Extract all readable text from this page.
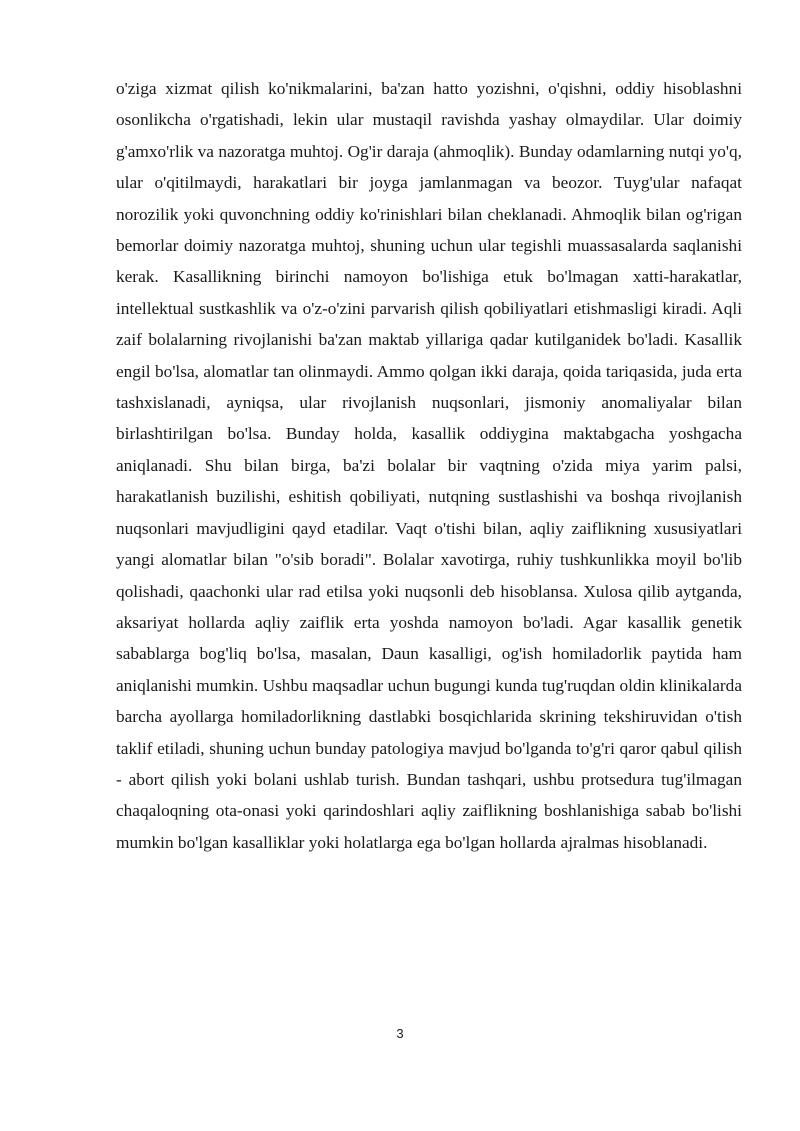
o'ziga xizmat qilish ko'nikmalarini, ba'zan hatto yozishni, o'qishni, oddiy hisoblashni osonlikcha o'rgatishadi, lekin ular mustaqil ravishda yashay olmaydilar. Ular doimiy g'amxo'rlik va nazoratga muhtoj. Og'ir daraja (ahmoqlik). Bunday odamlarning nutqi yo'q, ular o'qitilmaydi, harakatlari bir joyga jamlanmagan va beozor. Tuyg'ular nafaqat norozilik yoki quvonchning oddiy ko'rinishlari bilan cheklanadi. Ahmoqlik bilan og'rigan bemorlar doimiy nazoratga muhtoj, shuning uchun ular tegishli muassasalarda saqlanishi kerak. Kasallikning birinchi namoyon bo'lishiga etuk bo'lmagan xatti-harakatlar, intellektual sustkashlik va o'z-o'zini parvarish qilish qobiliyatlari etishmasligi kiradi. Aqli zaif bolalarning rivojlanishi ba'zan maktab yillariga qadar kutilganidek bo'ladi. Kasallik engil bo'lsa, alomatlar tan olinmaydi. Ammo qolgan ikki daraja, qoida tariqasida, juda erta tashxislanadi, ayniqsa, ular rivojlanish nuqsonlari, jismoniy anomaliyalar bilan birlashtirilgan bo'lsa. Bunday holda, kasallik oddiygina maktabgacha yoshgacha aniqlanadi. Shu bilan birga, ba'zi bolalar bir vaqtning o'zida miya yarim palsi, harakatlanish buzilishi, eshitish qobiliyati, nutqning sustlashishi va boshqa rivojlanish nuqsonlari mavjudligini qayd etadilar. Vaqt o'tishi bilan, aqliy zaiflikning xususiyatlari yangi alomatlar bilan "o'sib boradi". Bolalar xavotirga, ruhiy tushkunlikka moyil bo'lib qolishadi, qaachonki ular rad etilsa yoki nuqsonli deb hisoblansa. Xulosa qilib aytganda, aksariyat hollarda aqliy zaiflik erta yoshda namoyon bo'ladi. Agar kasallik genetik sabablarga bog'liq bo'lsa, masalan, Daun kasalligi, og'ish homiladorlik paytida ham aniqlanishi mumkin. Ushbu maqsadlar uchun bugungi kunda tug'ruqdan oldin klinikalarda barcha ayollarga homiladorlikning dastlabki bosqichlarida skrining tekshiruvidan o'tish taklif etiladi, shuning uchun bunday patologiya mavjud bo'lganda to'g'ri qaror qabul qilish - abort qilish yoki bolani ushlab turish. Bundan tashqari, ushbu protsedura tug'ilmagan chaqaloqning ota-onasi yoki qarindoshlari aqliy zaiflikning boshlanishiga sabab bo'lishi mumkin bo'lgan kasalliklar yoki holatlarga ega bo'lgan hollarda ajralmas hisoblanadi.

3
